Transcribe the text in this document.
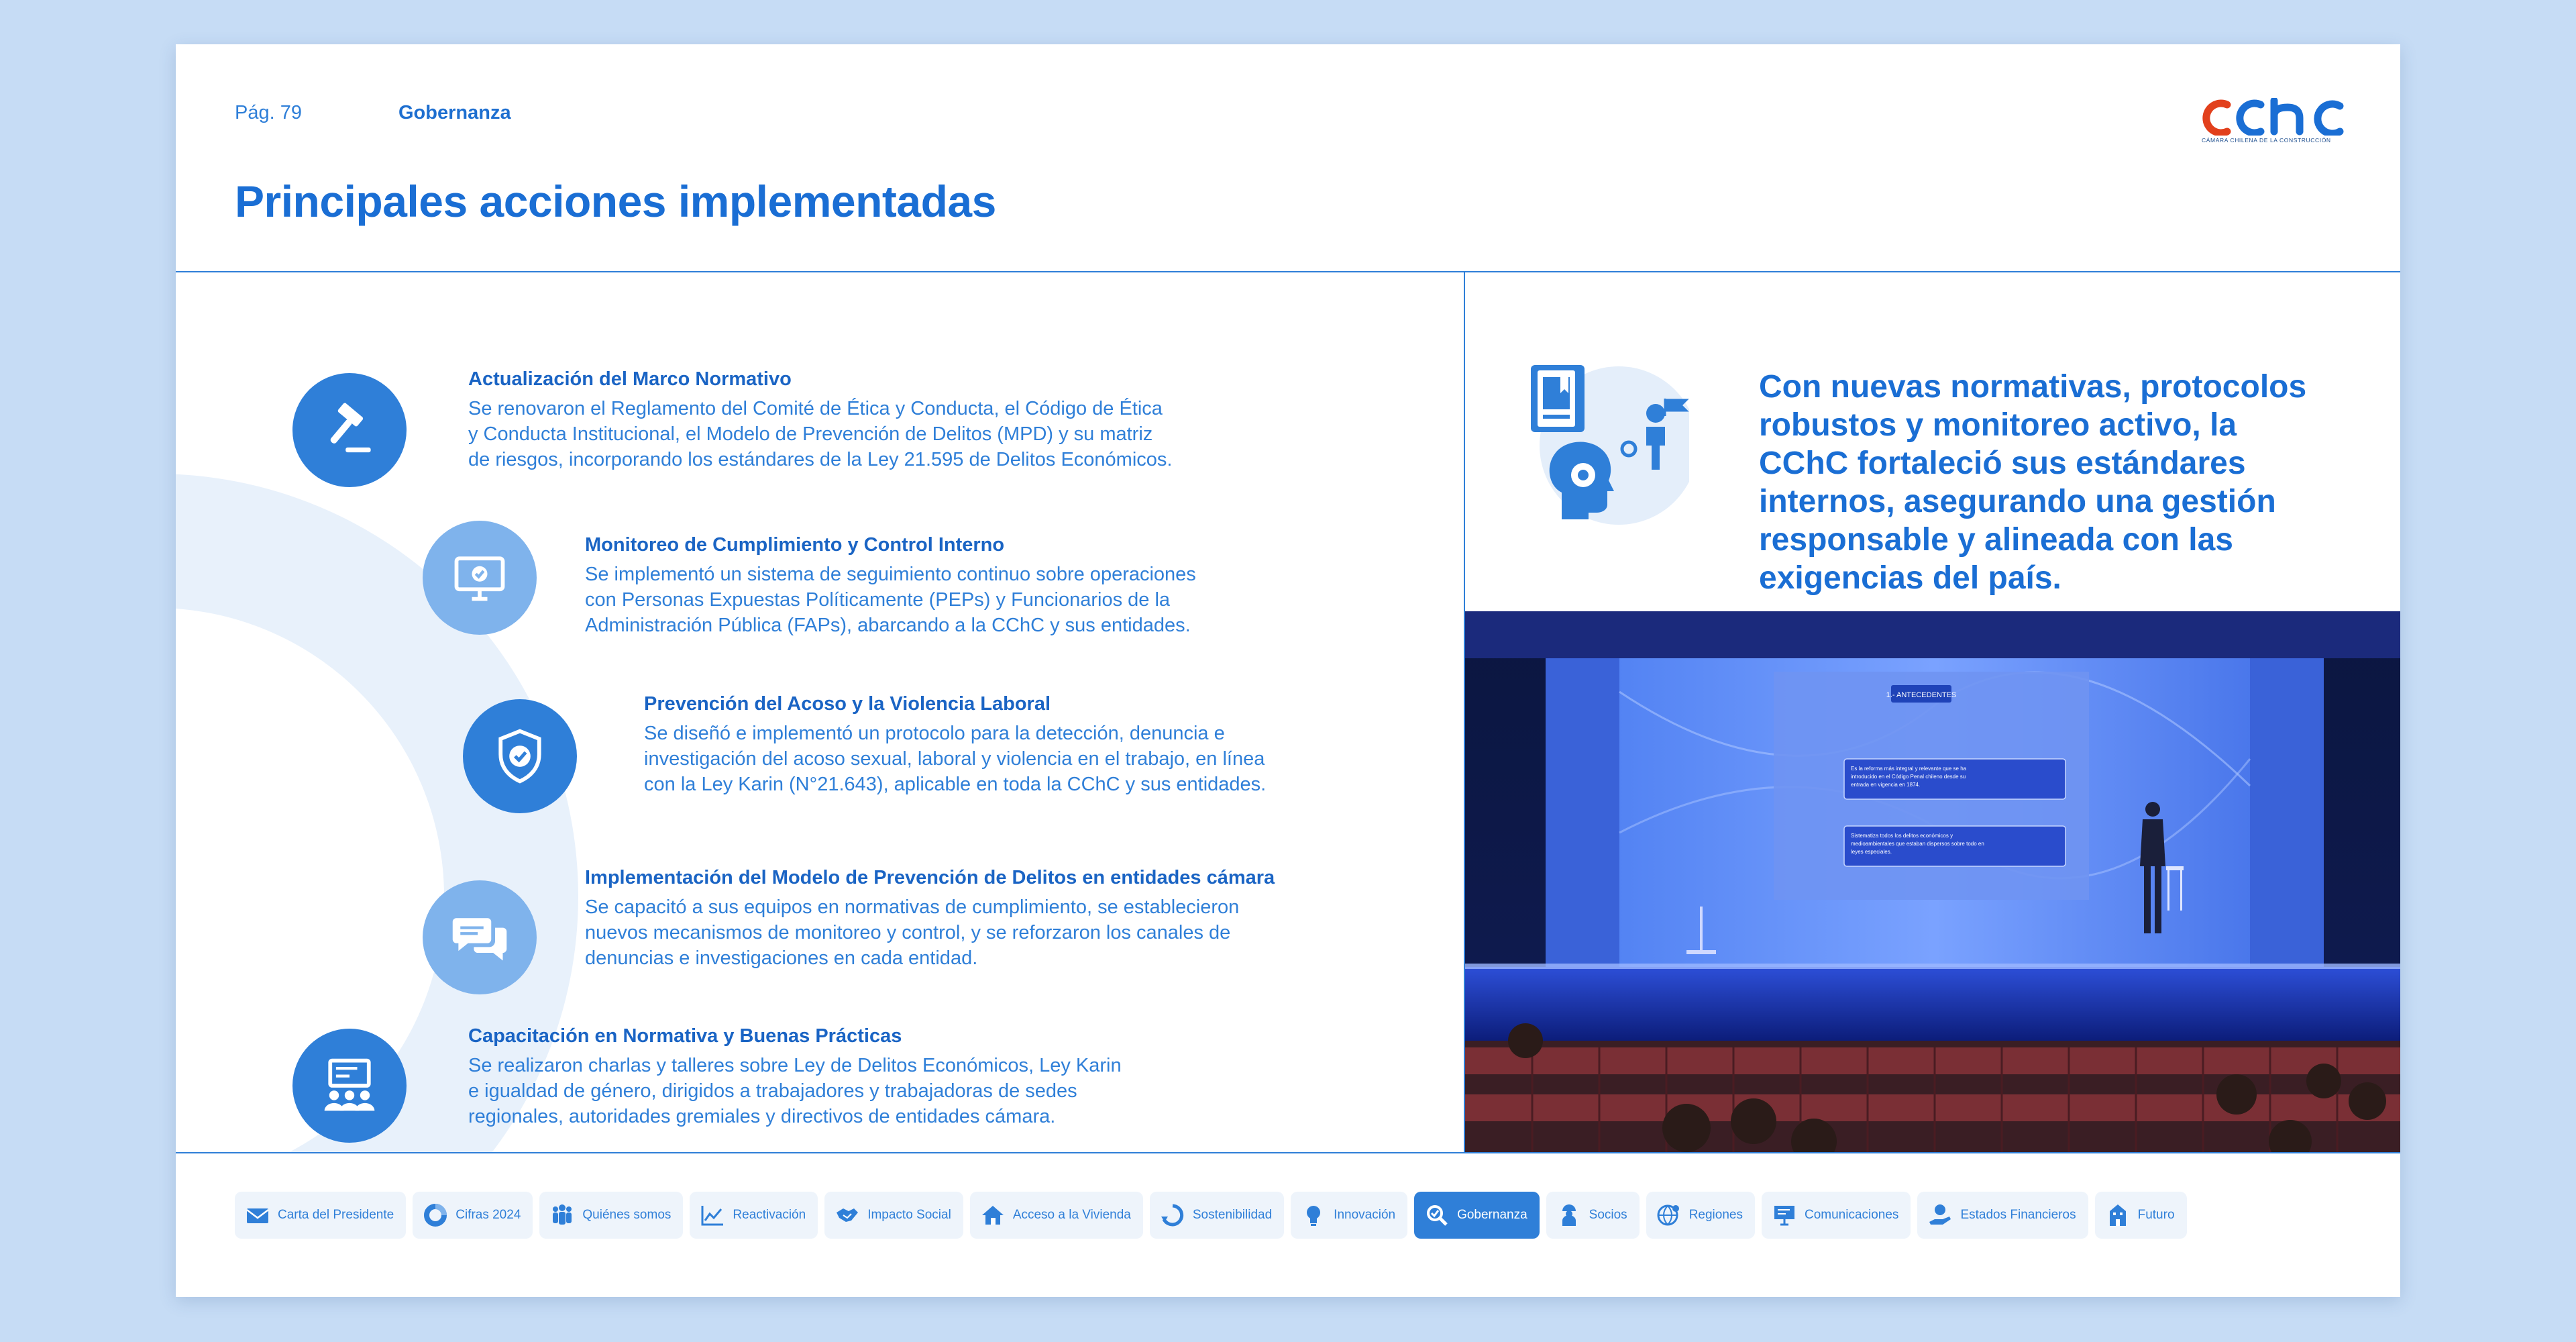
Pág. 79	Gobernanza
Principales acciones implementadas
CÁMARA CHILENA DE LA CONSTRUCCIÓN
Actualización del Marco Normativo
Se renovaron el Reglamento del Comité de Ética y Conducta, el Código de Ética
y Conducta Institucional, el Modelo de Prevención de Delitos (MPD) y su matriz
de riesgos, incorporando los estándares de la Ley 21.595 de Delitos Económicos.
Monitoreo de Cumplimiento y Control Interno
Se implementó un sistema de seguimiento continuo sobre operaciones
con Personas Expuestas Políticamente (PEPs) y Funcionarios de la
Administración Pública (FAPs), abarcando a la CChC y sus entidades.
Prevención del Acoso y la Violencia Laboral
Se diseñó e implementó un protocolo para la detección, denuncia e
investigación del acoso sexual, laboral y violencia en el trabajo, en línea
con la Ley Karin (N°21.643), aplicable en toda la CChC y sus entidades.
Implementación del Modelo de Prevención de Delitos en entidades cámara
Se capacitó a sus equipos en normativas de cumplimiento, se establecieron
nuevos mecanismos de monitoreo y control, y se reforzaron los canales de
denuncias e investigaciones en cada entidad.
Capacitación en Normativa y Buenas Prácticas
Se realizaron charlas y talleres sobre Ley de Delitos Económicos, Ley Karin
e igualdad de género, dirigidos a trabajadores y trabajadoras de sedes
regionales, autoridades gremiales y directivos de entidades cámara.
Con nuevas normativas, protocolos
robustos y monitoreo activo, la
CChC fortaleció sus estándares
internos, asegurando una gestión
responsable y alineada con las
exigencias del país.
1.- ANTECEDENTES
Es la reforma más integral y relevante que se ha
introducido en el Código Penal chileno desde su
entrada en vigencia en 1874.
Sistematiza todos los delitos económicos y
medioambientales que estaban dispersos sobre todo en
leyes especiales.
Carta del Presidente	Cifras 2024	Quiénes somos	Reactivación	Impacto Social	Acceso a la Vivienda	Sostenibilidad	Innovación	Gobernanza	Socios	Regiones	Comunicaciones	Estados Financieros	Futuro
